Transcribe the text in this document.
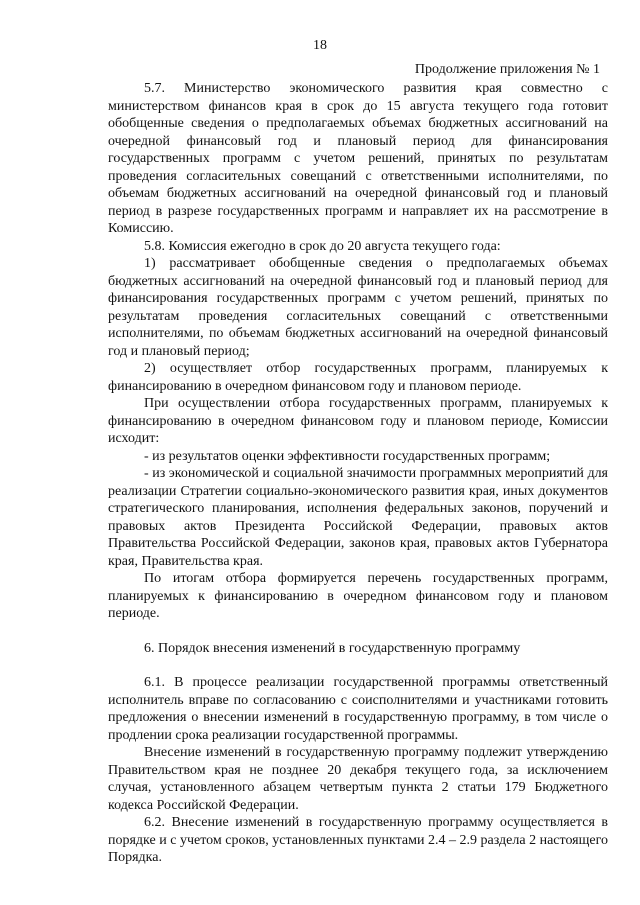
18
Продолжение приложения № 1

5.7. Министерство экономического развития края совместно с министерством финансов края в срок до 15 августа текущего года готовит обобщенные сведения о предполагаемых объемах бюджетных ассигнований на очередной финансовый год и плановый период для финансирования государственных программ с учетом решений, принятых по результатам проведения согласительных совещаний с ответственными исполнителями, по объемам бюджетных ассигнований на очередной финансовый год и плановый период в разрезе государственных программ и направляет их на рассмотрение в Комиссию.

5.8. Комиссия ежегодно в срок до 20 августа текущего года:

1) рассматривает обобщенные сведения о предполагаемых объемах бюджетных ассигнований на очередной финансовый год и плановый период для финансирования государственных программ с учетом решений, принятых по результатам проведения согласительных совещаний с ответственными исполнителями, по объемам бюджетных ассигнований на очередной финансовый год и плановый период;

2) осуществляет отбор государственных программ, планируемых к финансированию в очередном финансовом году и плановом периоде.

При осуществлении отбора государственных программ, планируемых к финансированию в очередном финансовом году и плановом периоде, Комиссии исходит:

- из результатов оценки эффективности государственных программ;

- из экономической и социальной значимости программных мероприятий для реализации Стратегии социально-экономического развития края, иных документов стратегического планирования, исполнения федеральных законов, поручений и правовых актов Президента Российской Федерации, правовых актов Правительства Российской Федерации, законов края, правовых актов Губернатора края, Правительства края.

По итогам отбора формируется перечень государственных программ, планируемых к финансированию в очередном финансовом году и плановом периоде.

6. Порядок внесения изменений в государственную программу

6.1. В процессе реализации государственной программы ответственный исполнитель вправе по согласованию с соисполнителями и участниками готовить предложения о внесении изменений в государственную программу, в том числе о продлении срока реализации государственной программы.

Внесение изменений в государственную программу подлежит утверждению Правительством края не позднее 20 декабря текущего года, за исключением случая, установленного абзацем четвертым пункта 2 статьи 179 Бюджетного кодекса Российской Федерации.

6.2. Внесение изменений в государственную программу осуществляется в порядке и с учетом сроков, установленных пунктами 2.4 – 2.9 раздела 2 настоящего Порядка.
